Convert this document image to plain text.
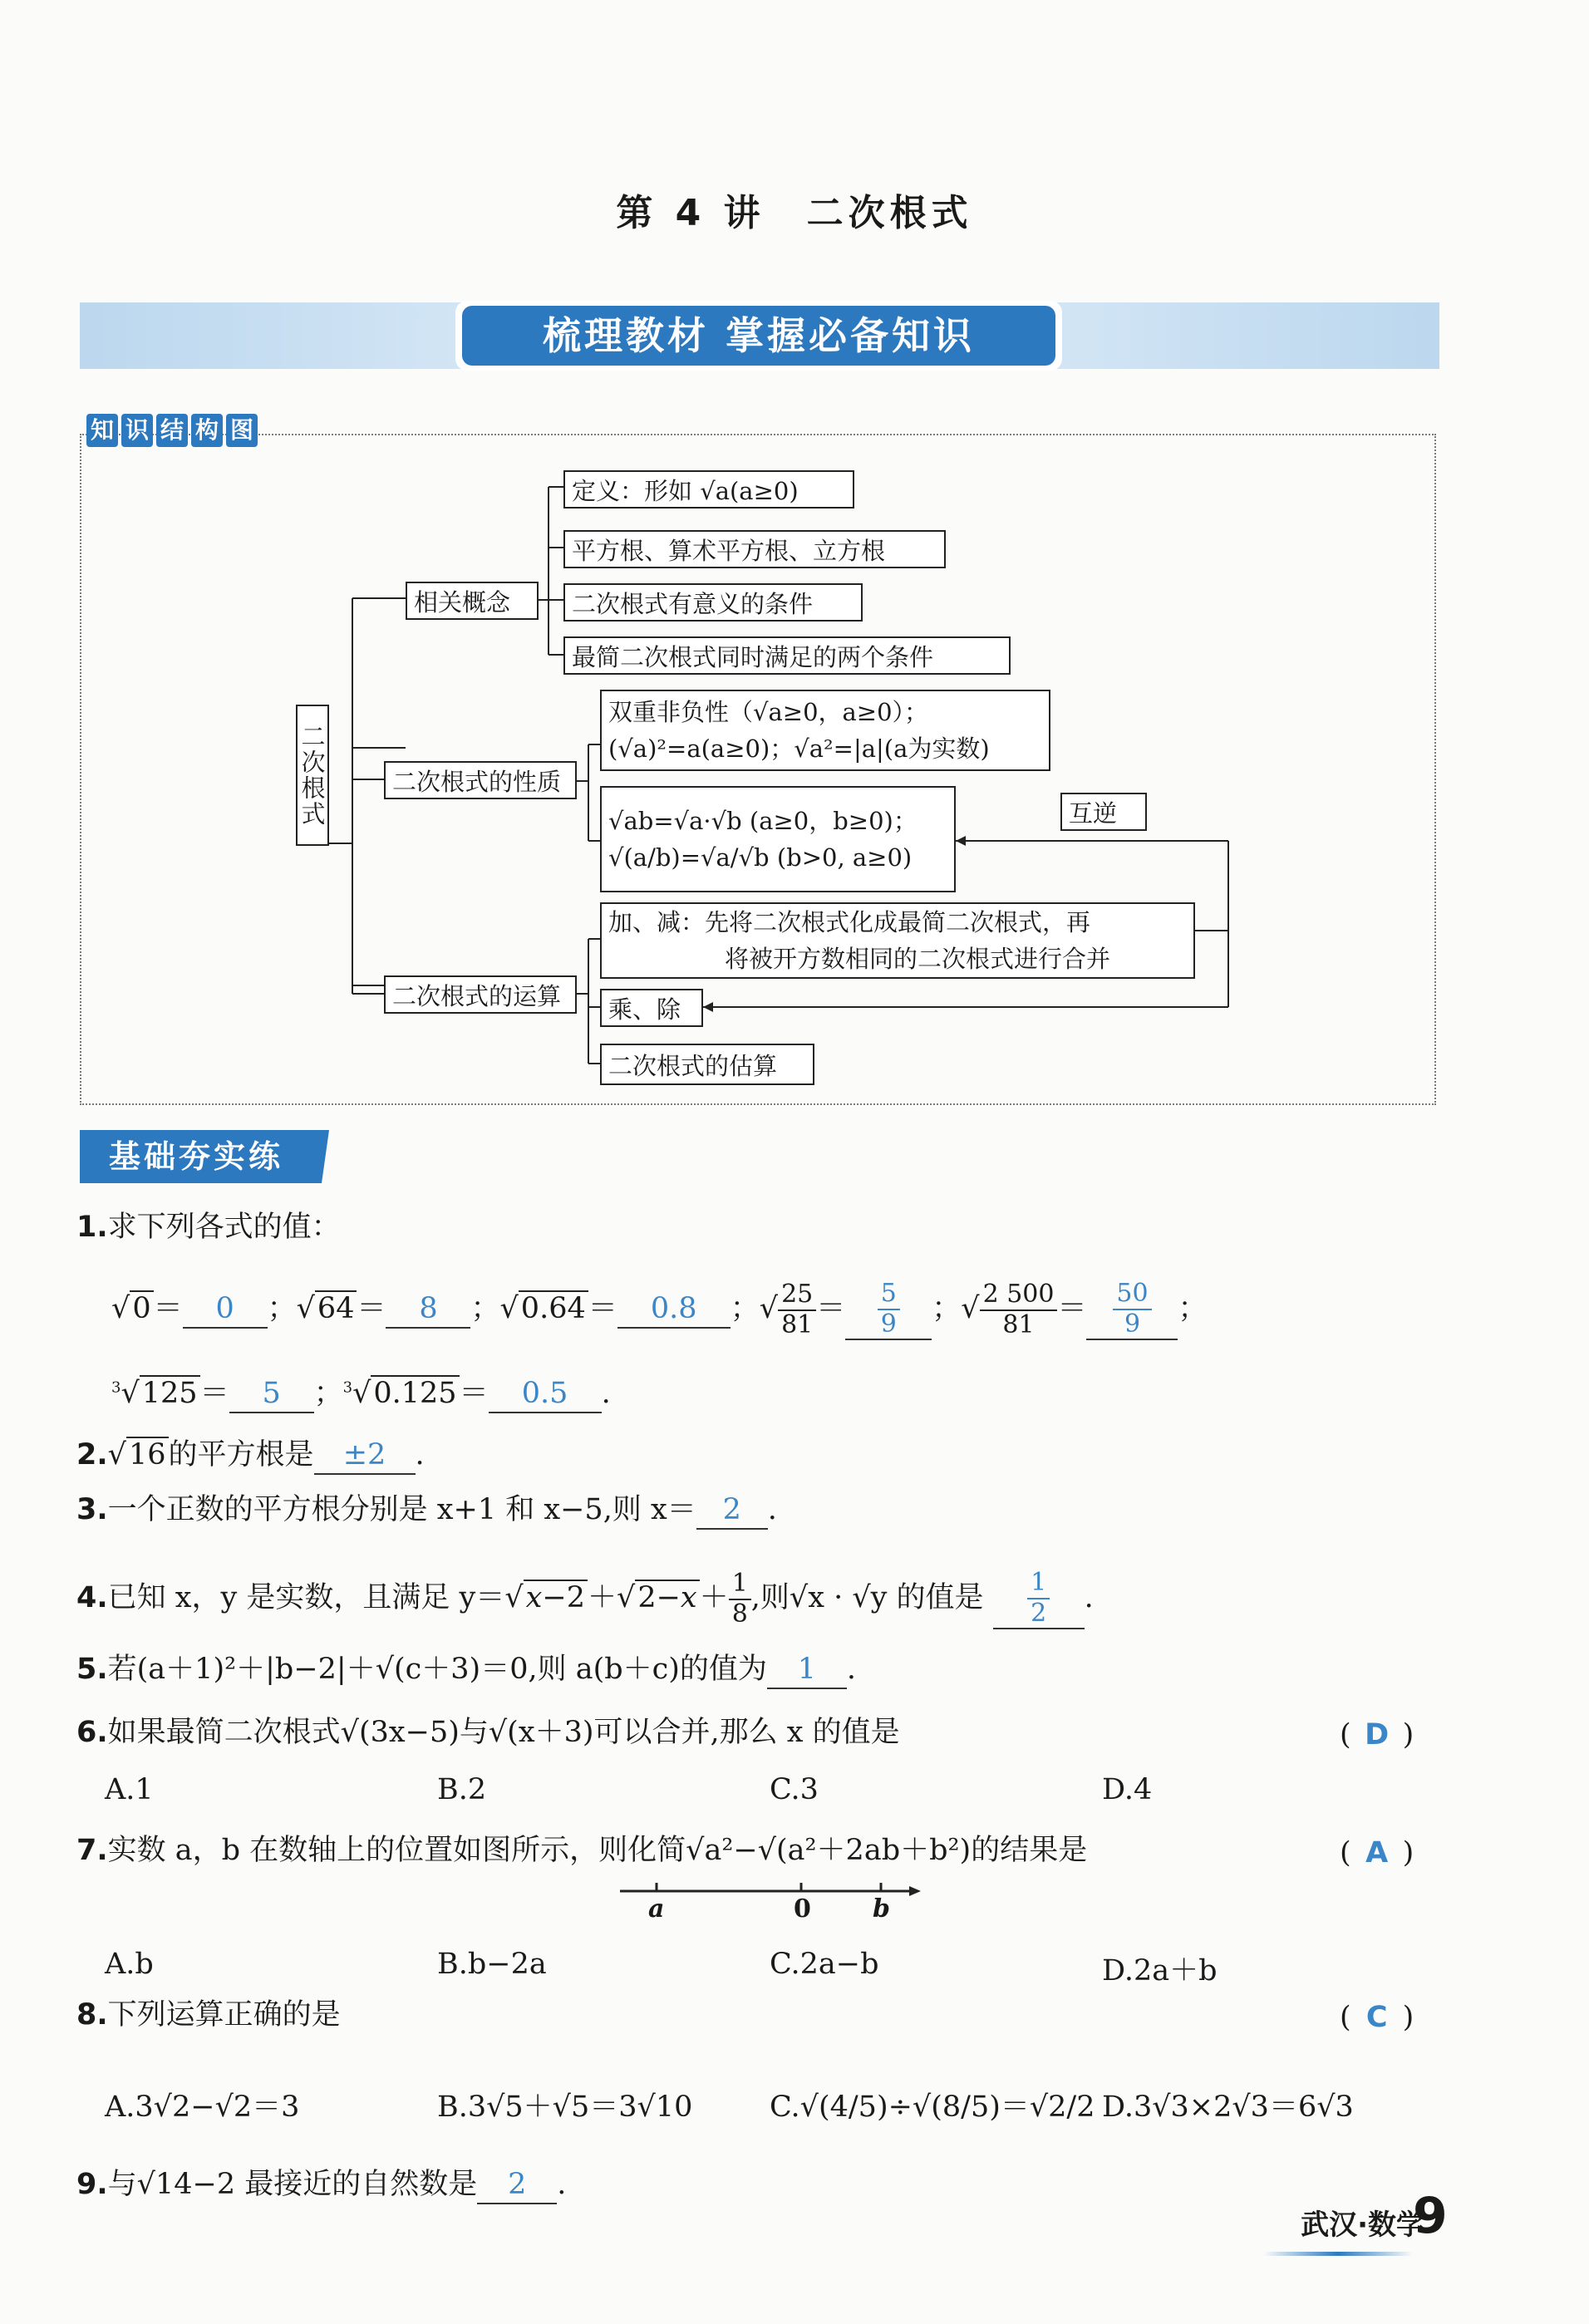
第 4 讲　二次根式
梳理教材 掌握必备知识
知 识 结 构 图
二次根式
相关概念
定义：形如 √a(a≥0)
平方根、算术平方根、立方根
二次根式有意义的条件
最简二次根式同时满足的两个条件
二次根式的性质
双重非负性（√a≥0，a≥0）；
(√a)²=a(a≥0)；√a²=|a|(a为实数)
√ab=√a·√b (a≥0，b≥0)；
√(a/b)=√a/√b (b>0, a≥0)
互逆
二次根式的运算
加、减：先将二次根式化成最简二次根式，再
将被开方数相同的二次根式进行合并
乘、除
二次根式的估算
基础夯实练
1.求下列各式的值：
√0＝ 0 ；√64＝ 8 ；√0.64＝ 0.8 ；√ $\frac{25}{81} = \frac{5}{9}$ ；√ $\frac{2 500}{81} = \frac{50}{9}$ ；
$^3$√125＝ 5 ；$^3$√0.125＝ 0.5 .
2.√16的平方根是 ±2 .
3.一个正数的平方根分别是 x+1 和 x−5,则 x＝ 2 .
4.已知 x，y 是实数，且满足 $y=√x-2+√2-x+ \frac{1}{8}$ ,则√x · √y 的值是 $\frac{1}{2}$ .
5.若(a＋1)²＋|b−2|＋√(c＋3)＝0,则 a(b＋c)的值为 1 .
6.如果最简二次根式√(3x−5)与√(x＋3)可以合并,那么 x 的值是	( D )
A.1	B.2	C.3	D.4
7.实数 a，b 在数轴上的位置如图所示，则化简√a²−√(a²＋2ab＋b²)的结果是	( A )
a	0 b
A.b	B.b−2a	C.2a−b	D.2a＋b
8.下列运算正确的是	( C )
A.3√2−√2＝3	B.3√5＋√5＝3√10	C.√(4/5)÷√(8/5)＝√2/2 D.3√3×2√3＝6√3
9.与√14−2 最接近的自然数是 2 .
武汉·数学
9
